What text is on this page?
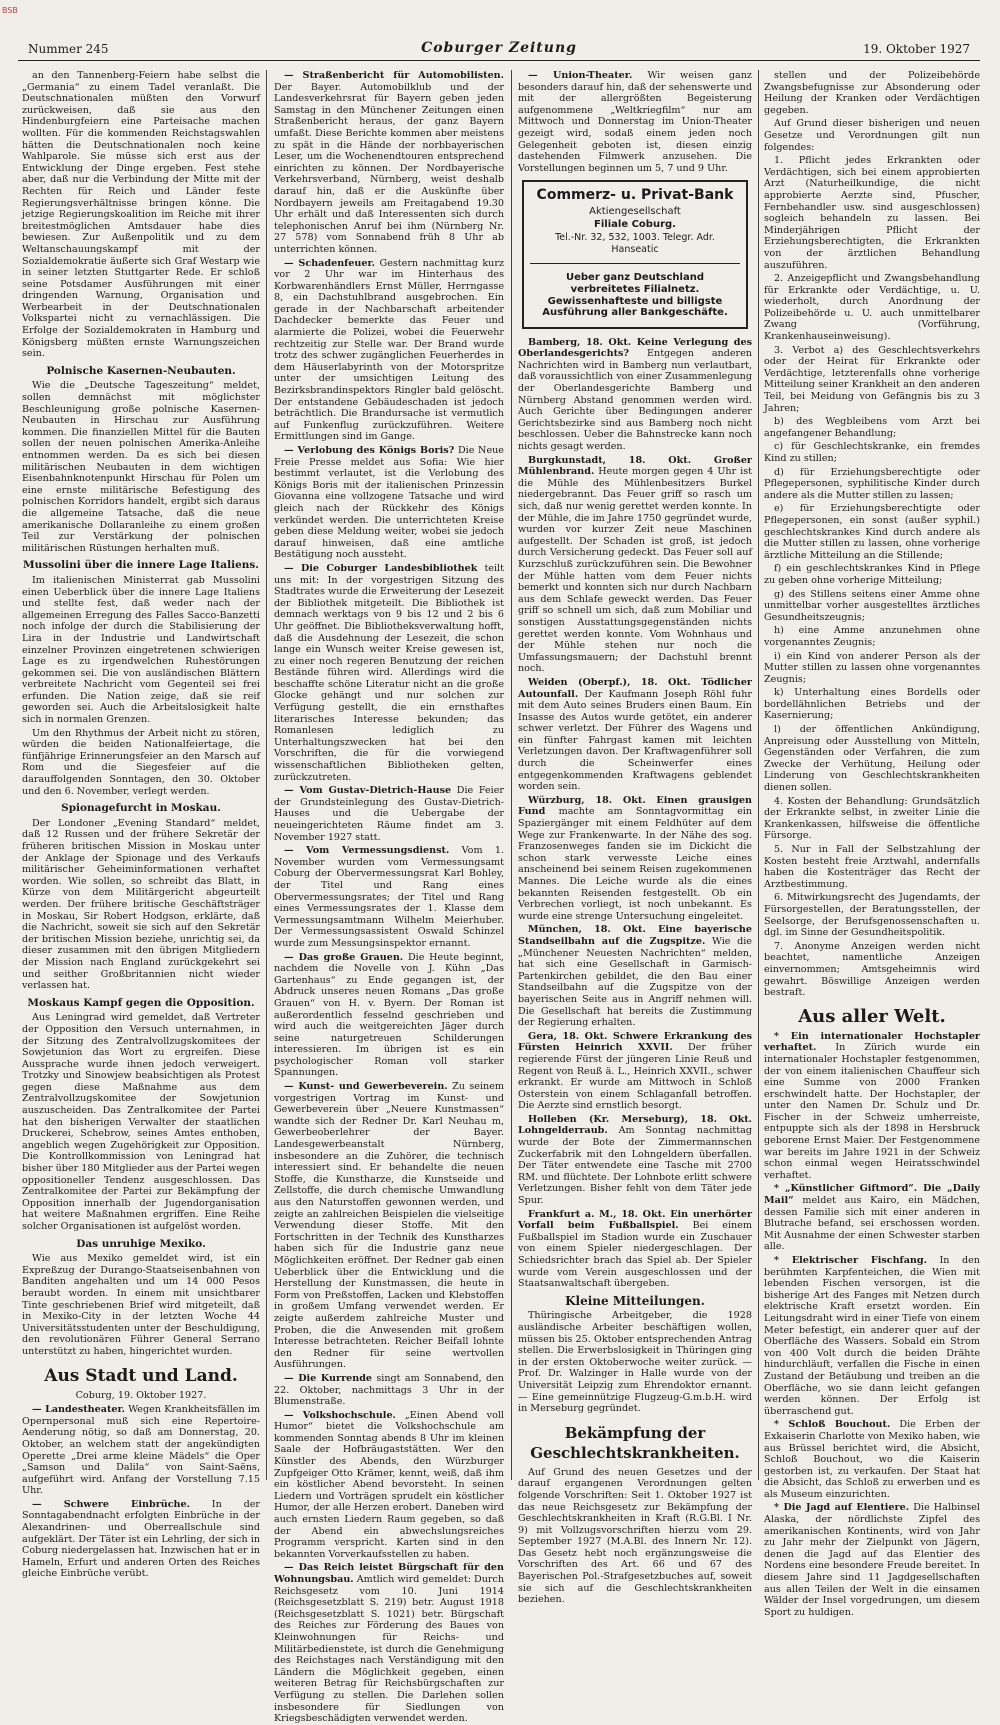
BSB
Nummer 245	Coburger Zeitung	19. Oktober 1927

an den Tannenberg-Feiern habe selbst die „Germania“ zu einem Tadel veranlaßt. Die Deutschnationalen müßten den Vorwurf zurückweisen, daß sie aus den Hindenburgfeiern eine Parteisache machen wollten. Für die kommenden Reichstagswahlen hätten die Deutschnationalen noch keine Wahlparole. Sie müsse sich erst aus der Entwicklung der Dinge ergeben. Fest stehe aber, daß nur die Verbindung der Mitte mit der Rechten für Reich und Länder feste Regierungsverhältnisse bringen könne. Die jetzige Regierungskoalition im Reiche mit ihrer breitestmöglichen Amtsdauer habe dies bewiesen. Zur Außenpolitik und zu dem Weltanschauungskampf mit der Sozialdemokratie äußerte sich Graf Westarp wie in seiner letzten Stuttgarter Rede. Er schloß seine Potsdamer Ausführungen mit einer dringenden Warnung, Organisation und Werbearbeit in der Deutschnationalen Volkspartei nicht zu vernachlässigen. Die Erfolge der Sozialdemokraten in Hamburg und Königsberg müßten ernste Warnungszeichen sein.

Polnische Kasernen-Neubauten.

Wie die „Deutsche Tageszeitung“ meldet, sollen demnächst mit möglichster Beschleunigung große polnische Kasernen-Neubauten in Hirschau zur Ausführung kommen. Die finanziellen Mittel für die Bauten sollen der neuen polnischen Amerika-Anleihe entnommen werden. Da es sich bei diesen militärischen Neubauten in dem wichtigen Eisenbahnknotenpunkt Hirschau für Polen um eine ernste militärische Befestigung des polnischen Korridors handelt, ergibt sich daraus die allgemeine Tatsache, daß die neue amerikanische Dollaranleihe zu einem großen Teil zur Verstärkung der polnischen militärischen Rüstungen herhalten muß.

Mussolini über die innere Lage Italiens.

Im italienischen Ministerrat gab Mussolini einen Ueberblick über die innere Lage Italiens und stellte fest, daß weder nach der allgemeinen Erregung des Falles Sacco-Banzetti noch infolge der durch die Stabilisierung der Lira in der Industrie und Landwirtschaft einzelner Provinzen eingetretenen schwierigen Lage es zu irgendwelchen Ruhestörungen gekommen sei. Die von ausländischen Blättern verbreitete Nachricht vom Gegenteil sei frei erfunden. Die Nation zeige, daß sie reif geworden sei. Auch die Arbeitslosigkeit halte sich in normalen Grenzen.

Um den Rhythmus der Arbeit nicht zu stören, würden die beiden Nationalfeiertage, die fünfjährige Erinnerungsfeier an den Marsch auf Rom und die Siegesfeier auf die darauffolgenden Sonntagen, den 30. Oktober und den 6. November, verlegt werden.

Spionagefurcht in Moskau.

Der Londoner „Evening Standard“ meldet, daß 12 Russen und der frühere Sekretär der früheren britischen Mission in Moskau unter der Anklage der Spionage und des Verkaufs militärischer Geheiminformationen verhaftet worden. Wie sollen, so schreibt das Blatt, in Kürze von dem Militärgericht abgeurteilt werden. Der frühere britische Geschäftsträger in Moskau, Sir Robert Hodgson, erklärte, daß die Nachricht, soweit sie sich auf den Sekretär der britischen Mission beziehe, unrichtig sei, da dieser zusammen mit den übrigen Mitgliedern der Mission nach England zurückgekehrt sei und seither Großbritannien nicht wieder verlassen hat.

Moskaus Kampf gegen die Opposition.

Aus Leningrad wird gemeldet, daß Vertreter der Opposition den Versuch unternahmen, in der Sitzung des Zentralvollzugskomitees der Sowjetunion das Wort zu ergreifen. Diese Aussprache wurde ihnen jedoch verweigert. Trotzky und Sinowjew beabsichtigen als Protest gegen diese Maßnahme aus dem Zentralvollzugskomitee der Sowjetunion auszuscheiden. Das Zentralkomitee der Partei hat den bisherigen Verwalter der staatlichen Druckerei, Schebrow, seines Amtes enthoben, angeblich wegen Zugehörigkeit zur Opposition. Die Kontrollkommission von Leningrad hat bisher über 180 Mitglieder aus der Partei wegen oppositioneller Tendenz ausgeschlossen. Das Zentralkomitee der Partei zur Bekämpfung der Opposition innerhalb der Jugendorganisation hat weitere Maßnahmen ergriffen. Eine Reihe solcher Organisationen ist aufgelöst worden.

Das unruhige Mexiko.

Wie aus Mexiko gemeldet wird, ist ein Expreßzug der Durango-Staatseisenbahnen von Banditen angehalten und um 14 000 Pesos beraubt worden. In einem mit unsichtbarer Tinte geschriebenen Brief wird mitgeteilt, daß in Mexiko-City in der letzten Woche 44 Universitätsstudenten unter der Beschuldigung, den revolutionären Führer General Serrano unterstützt zu haben, hingerichtet wurden.

Aus Stadt und Land.
Coburg, 19. Oktober 1927.

— Landestheater. Wegen Krankheitsfällen im Opernpersonal muß sich eine Repertoire-Aenderung nötig, so daß am Donnerstag, 20. Oktober, an welchem statt der angekündigten Operette „Drei arme kleine Mädels“ die Oper „Samson und Dalila“ von Saint-Saëns, aufgeführt wird. Anfang der Vorstellung 7.15 Uhr.

— Schwere Einbrüche. In der Sonntagabendnacht erfolgten Einbrüche in der Alexandrinen- und Oberreallschule sind aufgeklärt. Der Täter ist ein Lehrling, der sich in Coburg niedergelassen hat. Inzwischen hat er in Hameln, Erfurt und anderen Orten des Reiches gleiche Einbrüche verübt.

— Straßenbericht für Automobilisten. Der Bayer. Automobilklub und der Landesverkehrsrat für Bayern geben jeden Samstag in den Münchener Zeitungen einen Straßenbericht heraus, der ganz Bayern umfaßt. Diese Berichte kommen aber meistens zu spät in die Hände der norbbayerischen Leser, um die Wochenendtouren entsprechend einrichten zu können. Der Nordbayerische Verkehrsverband, Nürnberg, weist deshalb darauf hin, daß er die Auskünfte über Nordbayern jeweils am Freitagabend 19.30 Uhr erhält und daß Interessenten sich durch telephonischen Anruf bei ihm (Nürnberg Nr. 27 578) vom Sonnabend früh 8 Uhr ab unterrichten können.

— Schadenfeuer. Gestern nachmittag kurz vor 2 Uhr war im Hinterhaus des Korbwarenhändlers Ernst Müller, Herrngasse 8, ein Dachstuhlbrand ausgebrochen. Ein gerade in der Nachbarschaft arbeitender Dachdecker bemerkte das Feuer und alarmierte die Polizei, wobei die Feuerwehr rechtzeitig zur Stelle war. Der Brand wurde trotz des schwer zugänglichen Feuerherdes in dem Häuserlabyrinth von der Motorspritze unter der umsichtigen Leitung des Bezirksbrandinspektors Ringler bald gelöscht. Der entstandene Gebäudeschaden ist jedoch beträchtlich. Die Brandursache ist vermutlich auf Funkenflug zurückzuführen. Weitere Ermittlungen sind im Gange.

— Verlobung des Königs Boris? Die Neue Freie Presse meldet aus Sofia: Wie hier bestimmt verlautet, ist die Verlobung des Königs Boris mit der italienischen Prinzessin Giovanna eine vollzogene Tatsache und wird gleich nach der Rückkehr des Königs verkündet werden. Die unterrichteten Kreise geben diese Meldung weiter, wobei sie jedoch darauf hinweisen, daß eine amtliche Bestätigung noch aussteht.

— Die Coburger Landesbibliothek teilt uns mit: In der vorgestrigen Sitzung des Stadtrates wurde die Erweiterung der Lesezeit der Bibliothek mitgeteilt. Die Bibliothek ist demnach werktags von 9 bis 12 und 2 bis 6 Uhr geöffnet. Die Bibliotheksverwaltung hofft, daß die Ausdehnung der Lesezeit, die schon lange ein Wunsch weiter Kreise gewesen ist, zu einer noch regeren Benutzung der reichen Bestände führen wird. Allerdings wird die beschaffte schöne Literatur nicht an die große Glocke gehängt und nur solchen zur Verfügung gestellt, die ein ernsthaftes literarisches Interesse bekunden; das Romanlesen lediglich zu Unterhaltungszwecken hat bei den Vorschriften, die für die vorwiegend wissenschaftlichen Bibliotheken gelten, zurückzutreten.

— Vom Gustav-Dietrich-Hause Die Feier der Grundsteinlegung des Gustav-Dietrich-Hauses und die Uebergabe der neueingerichteten Räume findet am 3. November 1927 statt.

— Vom Vermessungsdienst. Vom 1. November wurden vom Vermessungsamt Coburg der Obervermessungsrat Karl Bohley, der Titel und Rang eines Obervermessungsrates; der Titel und Rang eines Vermessungsrates der 1. Klasse dem Vermessungsamtmann Wilhelm Meierhuber. Der Vermessungsassistent Oswald Schinzel wurde zum Messungsinspektor ernannt.

— Das große Grauen. Die Heute beginnt, nachdem die Novelle von J. Kühn „Das Gartenhaus“ zu Ende gegangen ist, der Abdruck unseres neuen Romans „Das große Grauen“ von H. v. Byern. Der Roman ist außerordentlich fesselnd geschrieben und wird auch die weitgereichten Jäger durch seine naturgetreuen Schilderungen interessieren. Im übrigen ist es ein psychologischer Roman voll starker Spannungen.

— Kunst- und Gewerbeverein. Zu seinem vorgestrigen Vortrag im Kunst- und Gewerbeverein über „Neuere Kunstmassen“ wandte sich der Redner Dr. Karl Neuhau m, Gewerbeoberlehrer der Bayer. Landesgewerbeanstalt Nürnberg, insbesondere an die Zuhörer, die technisch interessiert sind. Er behandelte die neuen Stoffe, die Kunstharze, die Kunstseide und Zellstoffe, die durch chemische Umwandlung aus den Naturstoffen gewonnen werden, und zeigte an zahlreichen Beispielen die vielseitige Verwendung dieser Stoffe. Mit den Fortschritten in der Technik des Kunstharzes haben sich für die Industrie ganz neue Möglichkeiten eröffnet. Der Redner gab einen Ueberblick über die Entwicklung und die Herstellung der Kunstmassen, die heute in Form von Preßstoffen, Lacken und Klebstoffen in großem Umfang verwendet werden. Er zeigte außerdem zahlreiche Muster und Proben, die die Anwesenden mit großem Interesse betrachteten. Reicher Beifall lohnte den Redner für seine wertvollen Ausführungen.

— Die Kurrende singt am Sonnabend, den 22. Oktober, nachmittags 3 Uhr in der Blumenstraße.

— Volkshochschule. „Einen Abend voll Humor“ bietet die Volkshochschule am kommenden Sonntag abends 8 Uhr im kleinen Saale der Hofbräugaststätten. Wer den Künstler des Abends, den Würzburger Zupfgeiger Otto Krämer, kennt, weiß, daß ihm ein köstlicher Abend bevorsteht. In seinen Liedern und Vorträgen sprudelt ein köstlicher Humor, der alle Herzen erobert. Daneben wird auch ernsten Liedern Raum gegeben, so daß der Abend ein abwechslungsreiches Programm verspricht. Karten sind in den bekannten Vorverkaufsstellen zu haben.

— Das Reich leistet Bürgschaft für den Wohnungsbau. Amtlich wird gemeldet: Durch Reichsgesetz vom 10. Juni 1914 (Reichsgesetzblatt S. 219) betr. August 1918 (Reichsgesetzblatt S. 1021) betr. Bürgschaft des Reiches zur Förderung des Baues von Kleinwohnungen für Reichs- und Militärbedienstete, ist durch die Genehmigung des Reichstages nach Verständigung mit den Ländern die Möglichkeit gegeben, einen weiteren Betrag für Reichsbürgschaften zur Verfügung zu stellen. Die Darlehen sollen insbesondere für Siedlungen von Kriegsbeschädigten verwendet werden.

— Union-Theater. Wir weisen ganz besonders darauf hin, daß der sehenswerte und mit der allergrößten Begeisterung aufgenommene „Weltkriegfilm“ nur am Mittwoch und Donnerstag im Union-Theater gezeigt wird, sodaß einem jeden noch Gelegenheit geboten ist, diesen einzig dastehenden Filmwerk anzusehen. Die Vorstellungen beginnen um 5, 7 und 9 Uhr.

Commerz- u. Privat-Bank
Aktiengesellschaft
Filiale Coburg.
Tel.-Nr. 32, 532, 1003. Telegr. Adr. Hanseatic
Ueber ganz Deutschland verbreitetes Filialnetz. Gewissenhafteste und billigste Ausführung aller Bankgeschäfte.

Bamberg, 18. Okt. Keine Verlegung des Oberlandesgerichts? Entgegen anderen Nachrichten wird in Bamberg nun verlautbart, daß voraussichtlich von einer Zusammenlegung der Oberlandesgerichte Bamberg und Nürnberg Abstand genommen werden wird. Auch Gerichte über Bedingungen anderer Gerichtsbezirke sind aus Bamberg noch nicht beschlossen. Ueber die Bahnstrecke kann noch nichts gesagt werden.

Burgkunstadt, 18. Okt. Großer Mühlenbrand. Heute morgen gegen 4 Uhr ist die Mühle des Mühlenbesitzers Burkel niedergebrannt. Das Feuer griff so rasch um sich, daß nur wenig gerettet werden konnte. In der Mühle, die im Jahre 1750 gegründet wurde, wurden vor kurzer Zeit neue Maschinen aufgestellt. Der Schaden ist groß, ist jedoch durch Versicherung gedeckt. Das Feuer soll auf Kurzschluß zurückzuführen sein. Die Bewohner der Mühle hatten vom dem Feuer nichts bemerkt und konnten sich nur durch Nachbarn aus dem Schlafe geweckt werden. Das Feuer griff so schnell um sich, daß zum Mobiliar und sonstigen Ausstattungsgegenständen nichts gerettet werden konnte. Vom Wohnhaus und der Mühle stehen nur noch die Umfassungsmauern; der Dachstuhl brennt noch.

Weiden (Oberpf.), 18. Okt. Tödlicher Autounfall. Der Kaufmann Joseph Röhl fuhr mit dem Auto seines Bruders einen Baum. Ein Insasse des Autos wurde getötet, ein anderer schwer verletzt. Der Führer des Wagens und ein fünfter Fahrgast kamen mit leichten Verletzungen davon. Der Kraftwagenführer soll durch die Scheinwerfer eines entgegenkommenden Kraftwagens geblendet worden sein.

Würzburg, 18. Okt. Einen grausigen Fund machte am Sonntagvormittag ein Spaziergänger mit einem Feldhüter auf dem Wege zur Frankenwarte. In der Nähe des sog. Franzosenweges fanden sie im Dickicht die schon stark verwesste Leiche eines anscheinend bei seinem Reisen zugekommenen Mannes. Die Leiche wurde als die eines bekannten Reisenden festgestellt. Ob ein Verbrechen vorliegt, ist noch unbekannt. Es wurde eine strenge Untersuchung eingeleitet.

München, 18. Okt. Eine bayerische Standseilbahn auf die Zugspitze. Wie die „Münchener Neuesten Nachrichten“ melden, hat sich eine Gesellschaft in Garmisch-Partenkirchen gebildet, die den Bau einer Standseilbahn auf die Zugspitze von der bayerischen Seite aus in Angriff nehmen will. Die Gesellschaft hat bereits die Zustimmung der Regierung erhalten.

Gera, 18. Okt. Schwere Erkrankung des Fürsten Heinrich XXVII. Der früher regierende Fürst der jüngeren Linie Reuß und Regent von Reuß ä. L., Heinrich XXVII., schwer erkrankt. Er wurde am Mittwoch in Schloß Osterstein von einem Schlaganfall betroffen. Die Aerzte sind ernstlich besorgt.

Holleben (Kr. Merseburg), 18. Okt. Lohngelderraub. Am Sonntag nachmittag wurde der Bote der Zimmermannschen Zuckerfabrik mit den Lohngeldern überfallen. Der Täter entwendete eine Tasche mit 2700 RM. und flüchtete. Der Lohnbote erlitt schwere Verletzungen. Bisher fehlt von dem Täter jede Spur.

Frankfurt a. M., 18. Okt. Ein unerhörter Vorfall beim Fußballspiel. Bei einem Fußballspiel im Stadion wurde ein Zuschauer von einem Spieler niedergeschlagen. Der Schiedsrichter brach das Spiel ab. Der Spieler wurde vom Verein ausgeschlossen und der Staatsanwaltschaft übergeben.

Kleine Mitteilungen.

Thüringische Arbeitgeber, die 1928 ausländische Arbeiter beschäftigen wollen, müssen bis 25. Oktober entsprechenden Antrag stellen. Die Erwerbslosigkeit in Thüringen ging in der ersten Oktoberwoche weiter zurück. — Prof. Dr. Walzinger in Halle wurde von der Universität Leipzig zum Ehrendoktor ernannt. — Eine gemeinnützige Flugzeug-G.m.b.H. wird in Merseburg gegründet.

Bekämpfung der Geschlechtskrankheiten.

Auf Grund des neuen Gesetzes und der darauf ergangenen Verordnungen gelten folgende Vorschriften: Seit 1. Oktober 1927 ist das neue Reichsgesetz zur Bekämpfung der Geschlechtskrankheiten in Kraft (R.G.Bl. I Nr. 9) mit Vollzugsvorschriften hierzu vom 29. September 1927 (M.A.Bl. des Innern Nr. 12). Das Gesetz hebt noch ergänzungsweise die Vorschriften des Art. 66 und 67 des Bayerischen Pol.-Strafgesetzbuches auf, soweit sie sich auf die Geschlechtskrankheiten beziehen.

stellen und der Polizeibehörde Zwangsbefugnisse zur Absonderung oder Heilung der Kranken oder Verdächtigen gegeben.

Auf Grund dieser bisherigen und neuen Gesetze und Verordnungen gilt nun folgendes:

1. Pflicht jedes Erkrankten oder Verdächtigen, sich bei einem approbierten Arzt (Naturheilkundige, die nicht approbierte Aerzte sind, Pfuscher, Fernbehandler usw. sind ausgeschlossen) sogleich behandeln zu lassen. Bei Minderjährigen Pflicht der Erziehungsberechtigten, die Erkrankten von der ärztlichen Behandlung auszuführen.

2. Anzeigepflicht und Zwangsbehandlung für Erkrankte oder Verdächtige, u. U. wiederholt, durch Anordnung der Polizeibehörde u. U. auch unmittelbarer Zwang (Vorführung, Krankenhauseinweisung).

3. Verbot a) des Geschlechtsverkehrs oder der Heirat für Erkrankte oder Verdächtige, letzterenfalls ohne vorherige Mitteilung seiner Krankheit an den anderen Teil, bei Meidung von Gefängnis bis zu 3 Jahren;

b) des Wegbleibens vom Arzt bei angefangener Behandlung;

c) für Geschlechtskranke, ein fremdes Kind zu stillen;

d) für Erziehungsberechtigte oder Pflegepersonen, syphilitische Kinder durch andere als die Mutter stillen zu lassen;

e) für Erziehungsberechtigte oder Pflegepersonen, ein sonst (außer syphil.) geschlechtskrankes Kind durch andere als die Mutter stillen zu lassen, ohne vorherige ärztliche Mitteilung an die Stillende;

f) ein geschlechtskrankes Kind in Pflege zu geben ohne vorherige Mitteilung;

g) des Stillens seitens einer Amme ohne unmittelbar vorher ausgestelltes ärztliches Gesundheitszeugnis;

h) eine Amme anzunehmen ohne vorgenanntes Zeugnis;

i) ein Kind von anderer Person als der Mutter stillen zu lassen ohne vorgenanntes Zeugnis;

k) Unterhaltung eines Bordells oder bordellähnlichen Betriebs und der Kasernierung;

l) der öffentlichen Ankündigung, Anpreisung oder Ausstellung von Mitteln, Gegenständen oder Verfahren, die zum Zwecke der Verhütung, Heilung oder Linderung von Geschlechtskrankheiten dienen sollen.

4. Kosten der Behandlung: Grundsätzlich der Erkrankte selbst, in zweiter Linie die Krankenkassen, hilfsweise die öffentliche Fürsorge.

5. Nur in Fall der Selbstzahlung der Kosten besteht freie Arztwahl, andernfalls haben die Kostenträger das Recht der Arztbestimmung.

6. Mitwirkungsrecht des Jugendamts, der Fürsorgestellen, der Beratungsstellen, der Seelsorge, der Berufsgenossenschaften u. dgl. im Sinne der Gesundheitspolitik.

7. Anonyme Anzeigen werden nicht beachtet, namentliche Anzeigen einvernommen; Amtsgeheimnis wird gewahrt. Böswillige Anzeigen werden bestraft.

Aus aller Welt.

* Ein internationaler Hochstapler verhaftet. In Zürich wurde ein internationaler Hochstapler festgenommen, der von einem italienischen Chauffeur sich eine Summe von 2000 Franken erschwindelt hatte. Der Hochstapler, der unter den Namen Dr. Schulz und Dr. Fischer in der Schweiz umherreiste, entpuppte sich als der 1898 in Hersbruck geborene Ernst Maier. Der Festgenommene war bereits im Jahre 1921 in der Schweiz schon einmal wegen Heiratsschwindel verhaftet.

* „Künstlicher Giftmord“. Die „Daily Mail“ meldet aus Kairo, ein Mädchen, dessen Familie sich mit einer anderen in Blutrache befand, sei erschossen worden. Mit Ausnahme der einen Schwester starben alle.

* Elektrischer Fischfang. In den berühmten Karpfenteichen, die Wien mit lebenden Fischen versorgen, ist die bisherige Art des Fanges mit Netzen durch elektrische Kraft ersetzt worden. Ein Leitungsdraht wird in einer Tiefe von einem Meter befestigt, ein anderer quer auf der Oberfläche des Wassers. Sobald ein Strom von 400 Volt durch die beiden Drähte hindurchläuft, verfallen die Fische in einen Zustand der Betäubung und treiben an die Oberfläche, wo sie dann leicht gefangen werden können. Der Erfolg ist überraschend gut.

* Schloß Bouchout. Die Erben der Exkaiserin Charlotte von Mexiko haben, wie aus Brüssel berichtet wird, die Absicht, Schloß Bouchout, wo die Kaiserin gestorben ist, zu verkaufen. Der Staat hat die Absicht, das Schloß zu erwerben und es als Museum einzurichten.

* Die Jagd auf Elentiere. Die Halbinsel Alaska, der nördlichste Zipfel des amerikanischen Kontinents, wird von Jahr zu Jahr mehr der Zielpunkt von Jägern, denen die Jagd auf das Elentier des Nordens eine besondere Freude bereitet. In diesem Jahre sind 11 Jagdgesellschaften aus allen Teilen der Welt in die einsamen Wälder der Insel vorgedrungen, um diesem Sport zu huldigen.
